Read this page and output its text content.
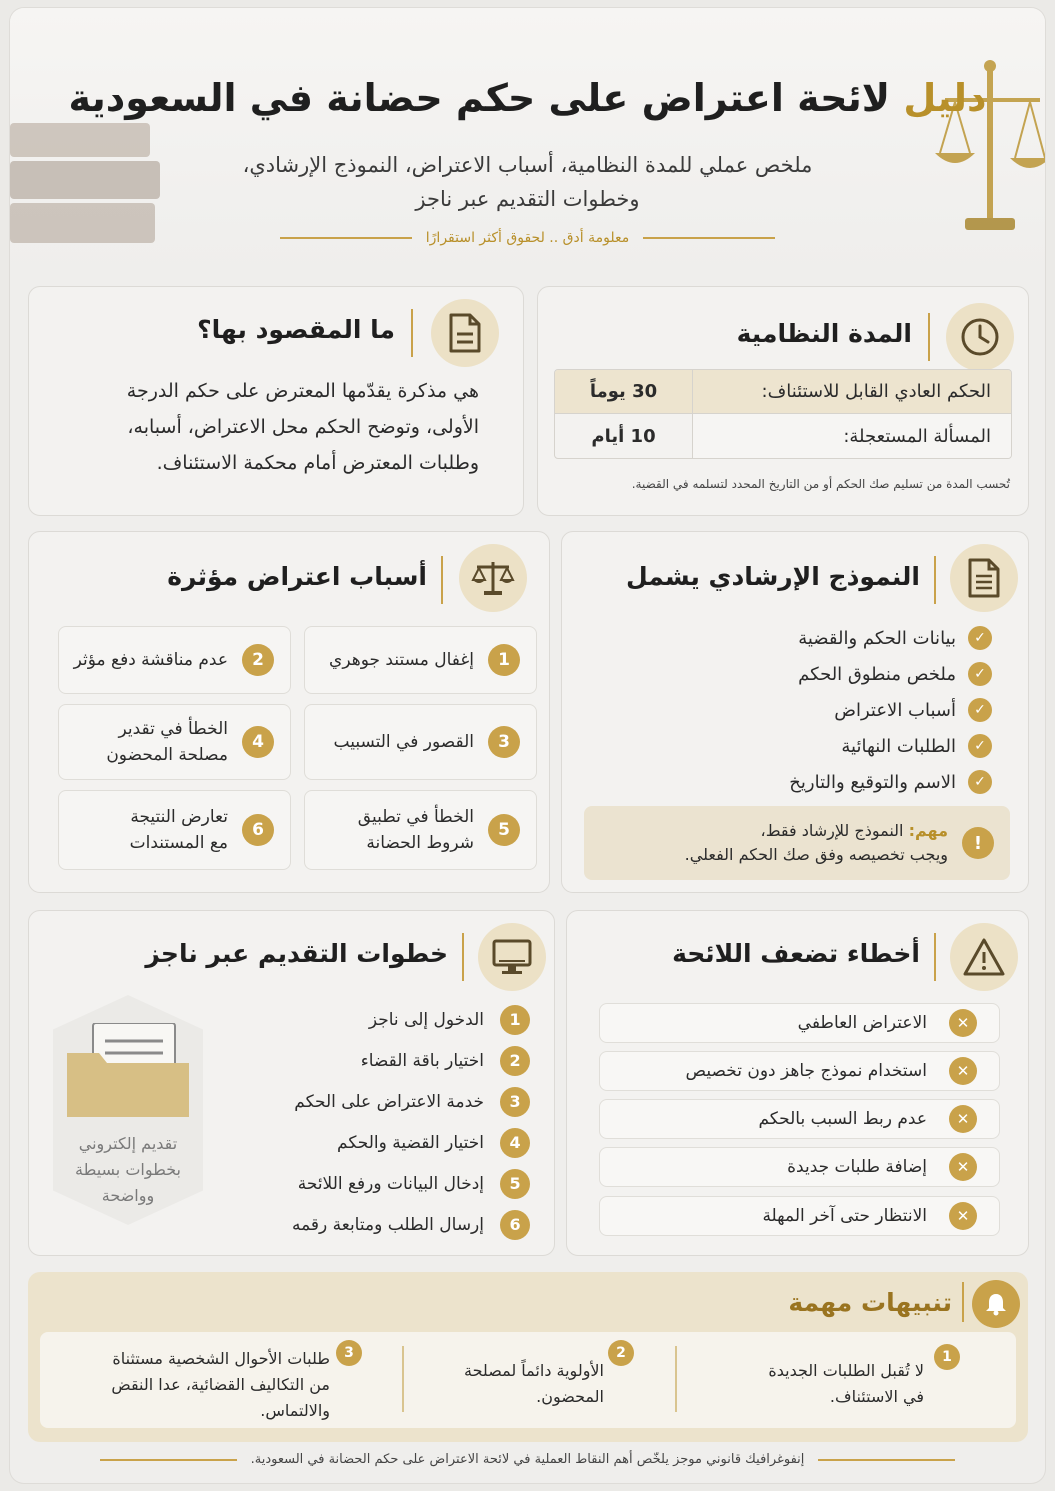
دليل لائحة اعتراض على حكم حضانة في السعودية
ملخص عملي للمدة النظامية، أسباب الاعتراض، النموذج الإرشادي،
وخطوات التقديم عبر ناجز
معلومة أدق .. لحقوق أكثر استقرارًا
المدة النظامية
الحكم العادي القابل للاستئناف:
30 يوماً
المسألة المستعجلة:
10 أيام
تُحسب المدة من تسليم صك الحكم أو من التاريخ المحدد لتسلمه في القضية.
ما المقصود بها؟
هي مذكرة يقدّمها المعترض على حكم الدرجة
الأولى، وتوضح الحكم محل الاعتراض، أسبابه،
وطلبات المعترض أمام محكمة الاستئناف.
النموذج الإرشادي يشمل
✓
بيانات الحكم والقضية
✓
ملخص منطوق الحكم
✓
أسباب الاعتراض
✓
الطلبات النهائية
✓
الاسم والتوقيع والتاريخ
!
مهم: النموذج للإرشاد فقط،
ويجب تخصيصه وفق صك الحكم الفعلي.
أسباب اعتراض مؤثرة
1
إغفال مستند جوهري
2
عدم مناقشة دفع مؤثر
3
القصور في التسبيب
4
الخطأ في تقدير
مصلحة المحضون
5
الخطأ في تطبيق
شروط الحضانة
6
تعارض النتيجة
مع المستندات
أخطاء تضعف اللائحة
✕
الاعتراض العاطفي
✕
استخدام نموذج جاهز دون تخصيص
✕
عدم ربط السبب بالحكم
✕
إضافة طلبات جديدة
✕
الانتظار حتى آخر المهلة
خطوات التقديم عبر ناجز
1
الدخول إلى ناجز
2
اختيار باقة القضاء
3
خدمة الاعتراض على الحكم
4
اختيار القضية والحكم
5
إدخال البيانات ورفع اللائحة
6
إرسال الطلب ومتابعة رقمه
تقديم إلكتروني
بخطوات بسيطة
وواضحة
تنبيهات مهمة
1
لا تُقبل الطلبات الجديدة
في الاستئناف.
2
الأولوية دائماً لمصلحة
المحضون.
3
طلبات الأحوال الشخصية مستثناة
من التكاليف القضائية، عدا النقض
والالتماس.
إنفوغرافيك قانوني موجز يلخّص أهم النقاط العملية في لائحة الاعتراض على حكم الحضانة في السعودية.
